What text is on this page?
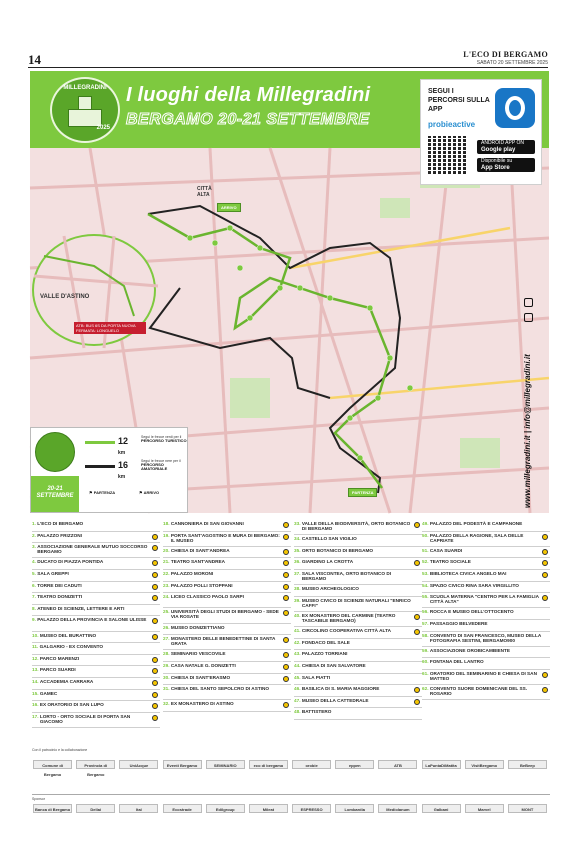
14	L'ECO DI BERGAMO
SABATO 20 SETTEMBRE 2025
MILLEGRADINI
2025
I luoghi della Millegradini
BERGAMO 20-21 SETTEMBRE
SEGUI I PERCORSI SULLA APP
probieactive
ANDROID APP ON
Google play
Disponibile su
App Store
CITTÀ ALTA
ARRIVO
PARTENZA
VALLE D'ASTINO
ATB: BUS 6S DA PORTA NUOVA FERMATA: LONGUELO
www.millegradini.it | info@millegradini.it
20-21 SETTEMBRE
12 km
Segui le frecce verdi per il
PERCORSO TURISTICO
16 km
Segui le frecce nere per il
PERCORSO AMATORIALE
⚑ PARTENZA	⚑ ARRIVO
1. L'ECO DI BERGAMO
2. PALAZZO FRIZZONI
3. ASSOCIAZIONE GENERALE MUTUO SOCCORSO BERGAMO
4. DUCATO DI PIAZZA PONTIDA
5. SALA GREPPI
6. TORRE DEI CADUTI
7. TEATRO DONIZETTI
8. ATENEO DI SCIENZE, LETTERE E ARTI
9. PALAZZO DELLA PROVINCIA E SALONE ULISSE
10. MUSEO DEL BURATTINO
11. GALGARIO - EX CONVENTO
12. PARCO MARENZI
13. PARCO SUARDI
14. ACCADEMIA CARRARA
15. GAMEC
16. EX ORATORIO DI SAN LUPO
17. LORTO - ORTO SOCIALE DI PORTA SAN GIACOMO
18. CANNONIERA DI SAN GIOVANNI
19. PORTA SANT'AGOSTINO E MURA DI BERGAMO: IL MUSEO
20. CHIESA DI SANT'ANDREA
21. TEATRO SANT'ANDREA
22. PALAZZO MORONI
23. PALAZZO POLLI STOPPANI
24. LICEO CLASSICO PAOLO SARPI
25. UNIVERSITÀ DEGLI STUDI DI BERGAMO - SEDE VIA ROSATE
26. MUSEO DONIZETTIANO
27. MONASTERO DELLE BENEDETTINE DI SANTA GRATA
28. SEMINARIO VESCOVILE
29. CASA NATALE G. DONIZETTI
30. CHIESA DI SANT'ERASMO
31. CHIESA DEL SANTO SEPOLCRO DI ASTINO
32. EX MONASTERO DI ASTINO
33. VALLE DELLA BIODIVERSITÀ, ORTO BOTANICO DI BERGAMO
34. CASTELLO SAN VIGILIO
35. ORTO BOTANICO DI BERGAMO
36. GIARDINO LA CROTTA
37. SALA VISCONTEA, ORTO BOTANICO DI BERGAMO
38. MUSEO ARCHEOLOGICO
39. MUSEO CIVICO DI SCIENZE NATURALI "ENRICO CAFFI"
40. EX MONASTERO DEL CARMINE (TEATRO TASCABILE BERGAMO)
41. CIRCOLINO COOPERATIVA CITTÀ ALTA
42. FONDACO DEL SALE
43. PALAZZO TORRIANI
44. CHIESA DI SAN SALVATORE
45. SALA PIATTI
46. BASILICA DI S. MARIA MAGGIORE
47. MUSEO DELLA CATTEDRALE
48. BATTISTERO
49. PALAZZO DEL PODESTÀ E CAMPANONE
50. PALAZZO DELLA RAGIONE, SALA DELLE CAPRIATE
51. CASA SUARDI
52. TEATRO SOCIALE
53. BIBLIOTECA CIVICA ANGELO MAI
54. SPAZIO CIVICO RINA SARA VIRGILLITO
55. SCUOLA MATERNA "CENTRO PER LA FAMIGLIA CITTÀ ALTA"
56. ROCCA E MUSEO DELL'OTTOCENTO
57. PASSAGGIO BELVEDERE
58. CONVENTO DI SAN FRANCESCO, MUSEO DELLA FOTOGRAFIA SESTINI, BERGAMO900
59. ASSOCIAZIONE OROBICAMBIENTE
60. FONTANA DEL LANTRO
61. ORATORIO DEL SEMINARINO E CHIESA DI SAN MATTEO
62. CONVENTO SUORE DOMENICANE DEL SS. ROSARIO
Con il patrocinio e la collaborazione
Comune di Bergamo
Provincia di Bergamo
UniAcque	Eventi Bergamo	SEMINARIO	eco di bergamo	orobie	eppen	ATB	LaPuntaDiMatita	VisitBergamo	BeBeep
Sponsor
Banca di Bergamo	Dellai	Ital	Ecostrade	Edilgroup	Mileat	ESPRESSO	Lombardia	Mediolanum	Galbani	Marvel	MONT
